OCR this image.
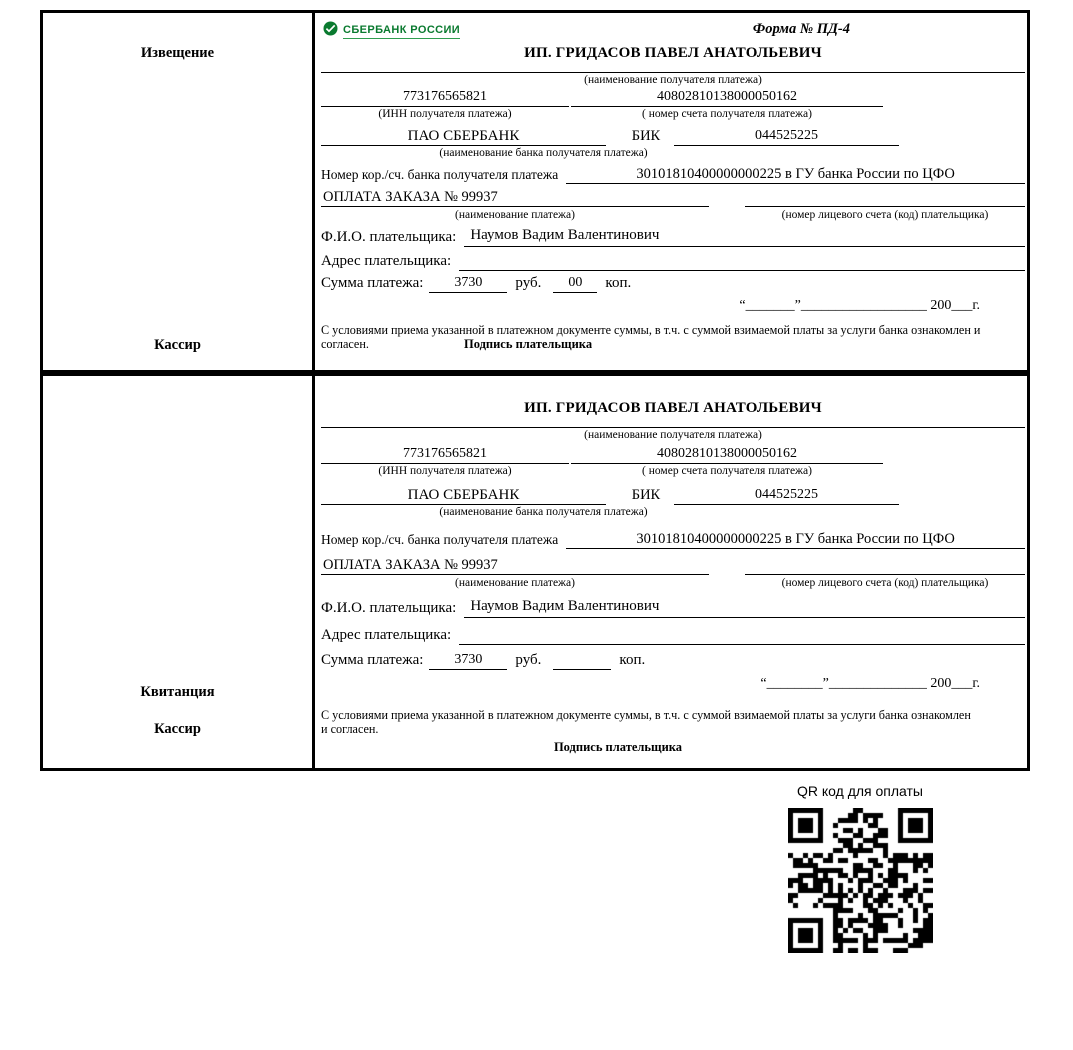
Извещение
Кассир
СБЕРБАНК РОССИИ	Форма № ПД-4
ИП. ГРИДАСОВ ПАВЕЛ АНАТОЛЬЕВИЧ
(наименование получателя платежа)
773176565821
(ИНН получателя платежа)
40802810138000050162
( номер счета получателя платежа)
ПАО СБЕРБАНК	БИК	044525225
(наименование банка получателя платежа)
Номер кор./сч. банка получателя платежа	30101810400000000225 в ГУ банка России по ЦФО
ОПЛАТА ЗАКАЗА № 99937
(наименование платежа)	(номер лицевого счета (код) плательщика)
Ф.И.О. плательщика: Наумов Вадим Валентинович
Адрес плательщика:
Сумма платежа:	3730	руб.	00	коп.
“_______”__________________ 200___г.
С условиями приема указанной в платежном документе суммы, в т.ч. с суммой взимаемой платы за услуги банка ознакомлен и согласен.	Подпись плательщика
Квитанция
Кассир
ИП. ГРИДАСОВ ПАВЕЛ АНАТОЛЬЕВИЧ
(наименование получателя платежа)
773176565821
(ИНН получателя платежа)
40802810138000050162
( номер счета получателя платежа)
ПАО СБЕРБАНК	БИК	044525225
(наименование банка получателя платежа)
Номер кор./сч. банка получателя платежа	30101810400000000225 в ГУ банка России по ЦФО
ОПЛАТА ЗАКАЗА № 99937
(наименование платежа)	(номер лицевого счета (код) плательщика)
Ф.И.О. плательщика: Наумов Вадим Валентинович
Адрес плательщика:
Сумма платежа:	3730	руб.	коп.
“________”______________ 200___г.
С условиями приема указанной в платежном документе суммы, в т.ч. с суммой взимаемой платы за услуги банка ознакомлен и согласен.
Подпись плательщика
QR код для оплаты
